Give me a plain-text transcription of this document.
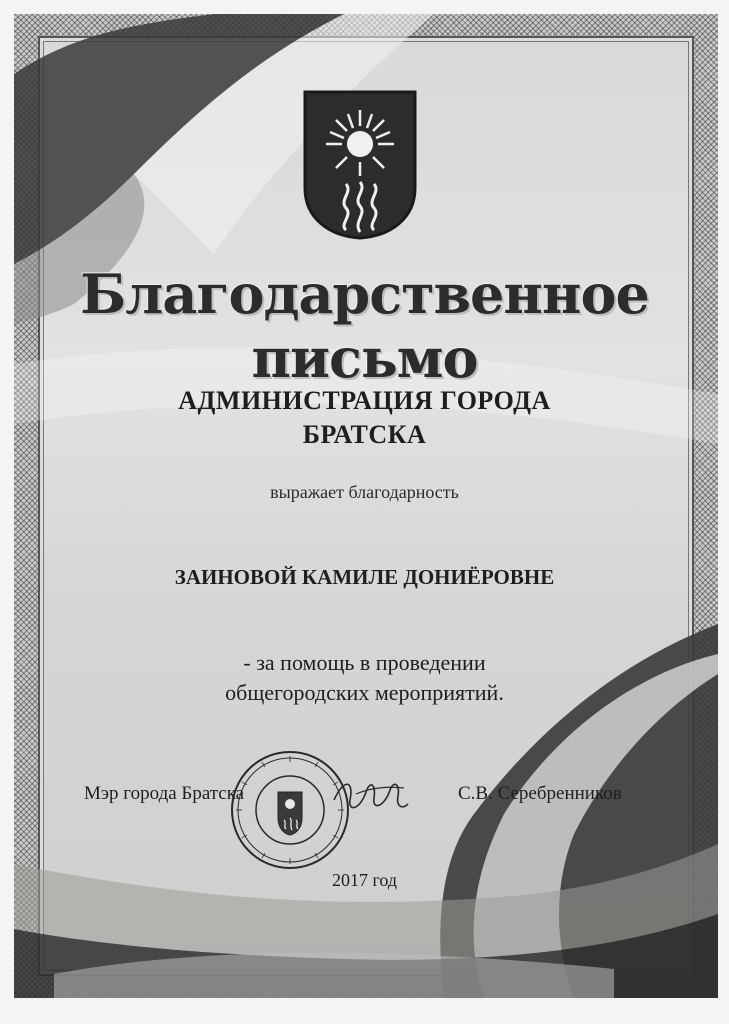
Благодарственное письмо
АДМИНИСТРАЦИЯ ГОРОДА
БРАТСКА
выражает благодарность
ЗАИНОВОЙ КАМИЛЕ ДОНИЁРОВНЕ
- за помощь в проведении
общегородских мероприятий.
Мэр города Братска	С.В. Серебренников
2017 год
